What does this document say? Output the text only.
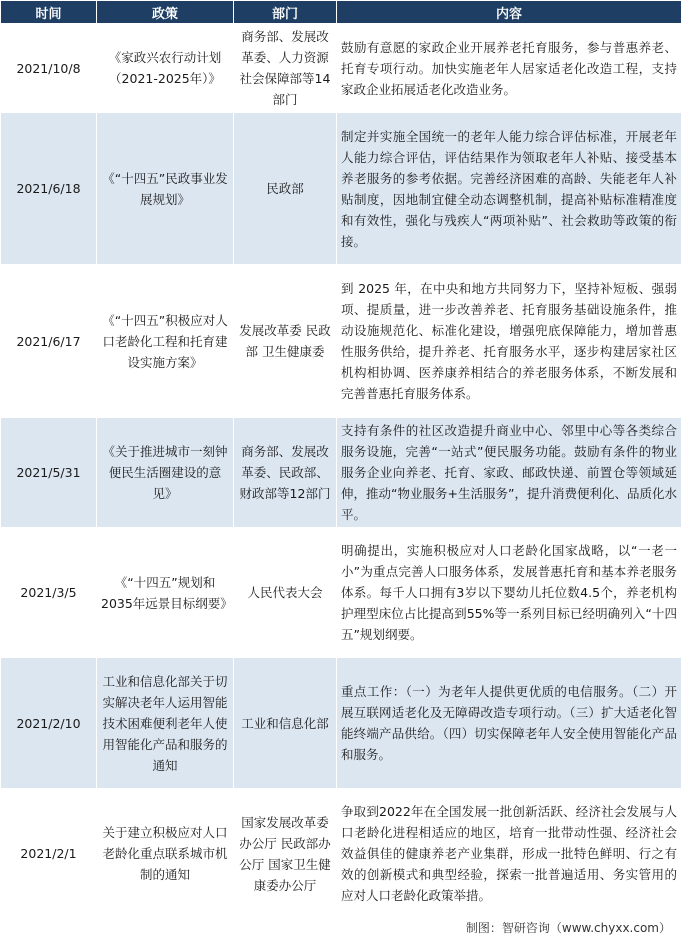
时间	政策	部门	内容
2021/10/8	《家政兴农行动计划（2021-2025年）》	商务部、发展改革委、人力资源社会保障部等14部门	鼓励有意愿的家政企业开展养老托育服务，参与普惠养老、托育专项行动。加快实施老年人居家适老化改造工程，支持家政企业拓展适老化改造业务。
2021/6/18	《“十四五”民政事业发展规划》	民政部	制定并实施全国统一的老年人能力综合评估标准，开展老年人能力综合评估，评估结果作为领取老年人补贴、接受基本养老服务的参考依据。完善经济困难的高龄、失能老年人补贴制度，因地制宜健全动态调整机制，提高补贴标准精准度和有效性，强化与残疾人“两项补贴”、社会救助等政策的衔接。
2021/6/17	《“十四五”积极应对人口老龄化工程和托育建设实施方案》	发展改革委 民政部 卫生健康委	到 2025 年，在中央和地方共同努力下，坚持补短板、强弱项、提质量，进一步改善养老、托育服务基础设施条件，推动设施规范化、标准化建设，增强兜底保障能力，增加普惠性服务供给，提升养老、托育服务水平，逐步构建居家社区机构相协调、医养康养相结合的养老服务体系，不断发展和完善普惠托育服务体系。
2021/5/31	《关于推进城市一刻钟便民生活圈建设的意见》	商务部、发展改革委、民政部、财政部等12部门	支持有条件的社区改造提升商业中心、邻里中心等各类综合服务设施，完善“一站式”便民服务功能。鼓励有条件的物业服务企业向养老、托育、家政、邮政快递、前置仓等领域延伸，推动“物业服务+生活服务”，提升消费便利化、品质化水平。
2021/3/5	《“十四五”规划和2035年远景目标纲要》	人民代表大会	明确提出，实施积极应对人口老龄化国家战略，以“一老一小”为重点完善人口服务体系，发展普惠托育和基本养老服务体系。每千人口拥有3岁以下婴幼儿托位数4.5个，养老机构护理型床位占比提高到55%等一系列目标已经明确列入“十四五”规划纲要。
2021/2/10	工业和信息化部关于切实解决老年人运用智能技术困难便利老年人使用智能化产品和服务的通知	工业和信息化部	重点工作：（一）为老年人提供更优质的电信服务。（二）开展互联网适老化及无障碍改造专项行动。（三）扩大适老化智能终端产品供给。（四）切实保障老年人安全使用智能化产品和服务。
2021/2/1	关于建立积极应对人口老龄化重点联系城市机制的通知	国家发展改革委办公厅 民政部办公厅 国家卫生健康委办公厅	争取到2022年在全国发展一批创新活跃、经济社会发展与人口老龄化进程相适应的地区，培育一批带动性强、经济社会效益俱佳的健康养老产业集群，形成一批特色鲜明、行之有效的创新模式和典型经验，探索一批普遍适用、务实管用的应对人口老龄化政策举措。
制图：智研咨询（www.chyxx.com）
